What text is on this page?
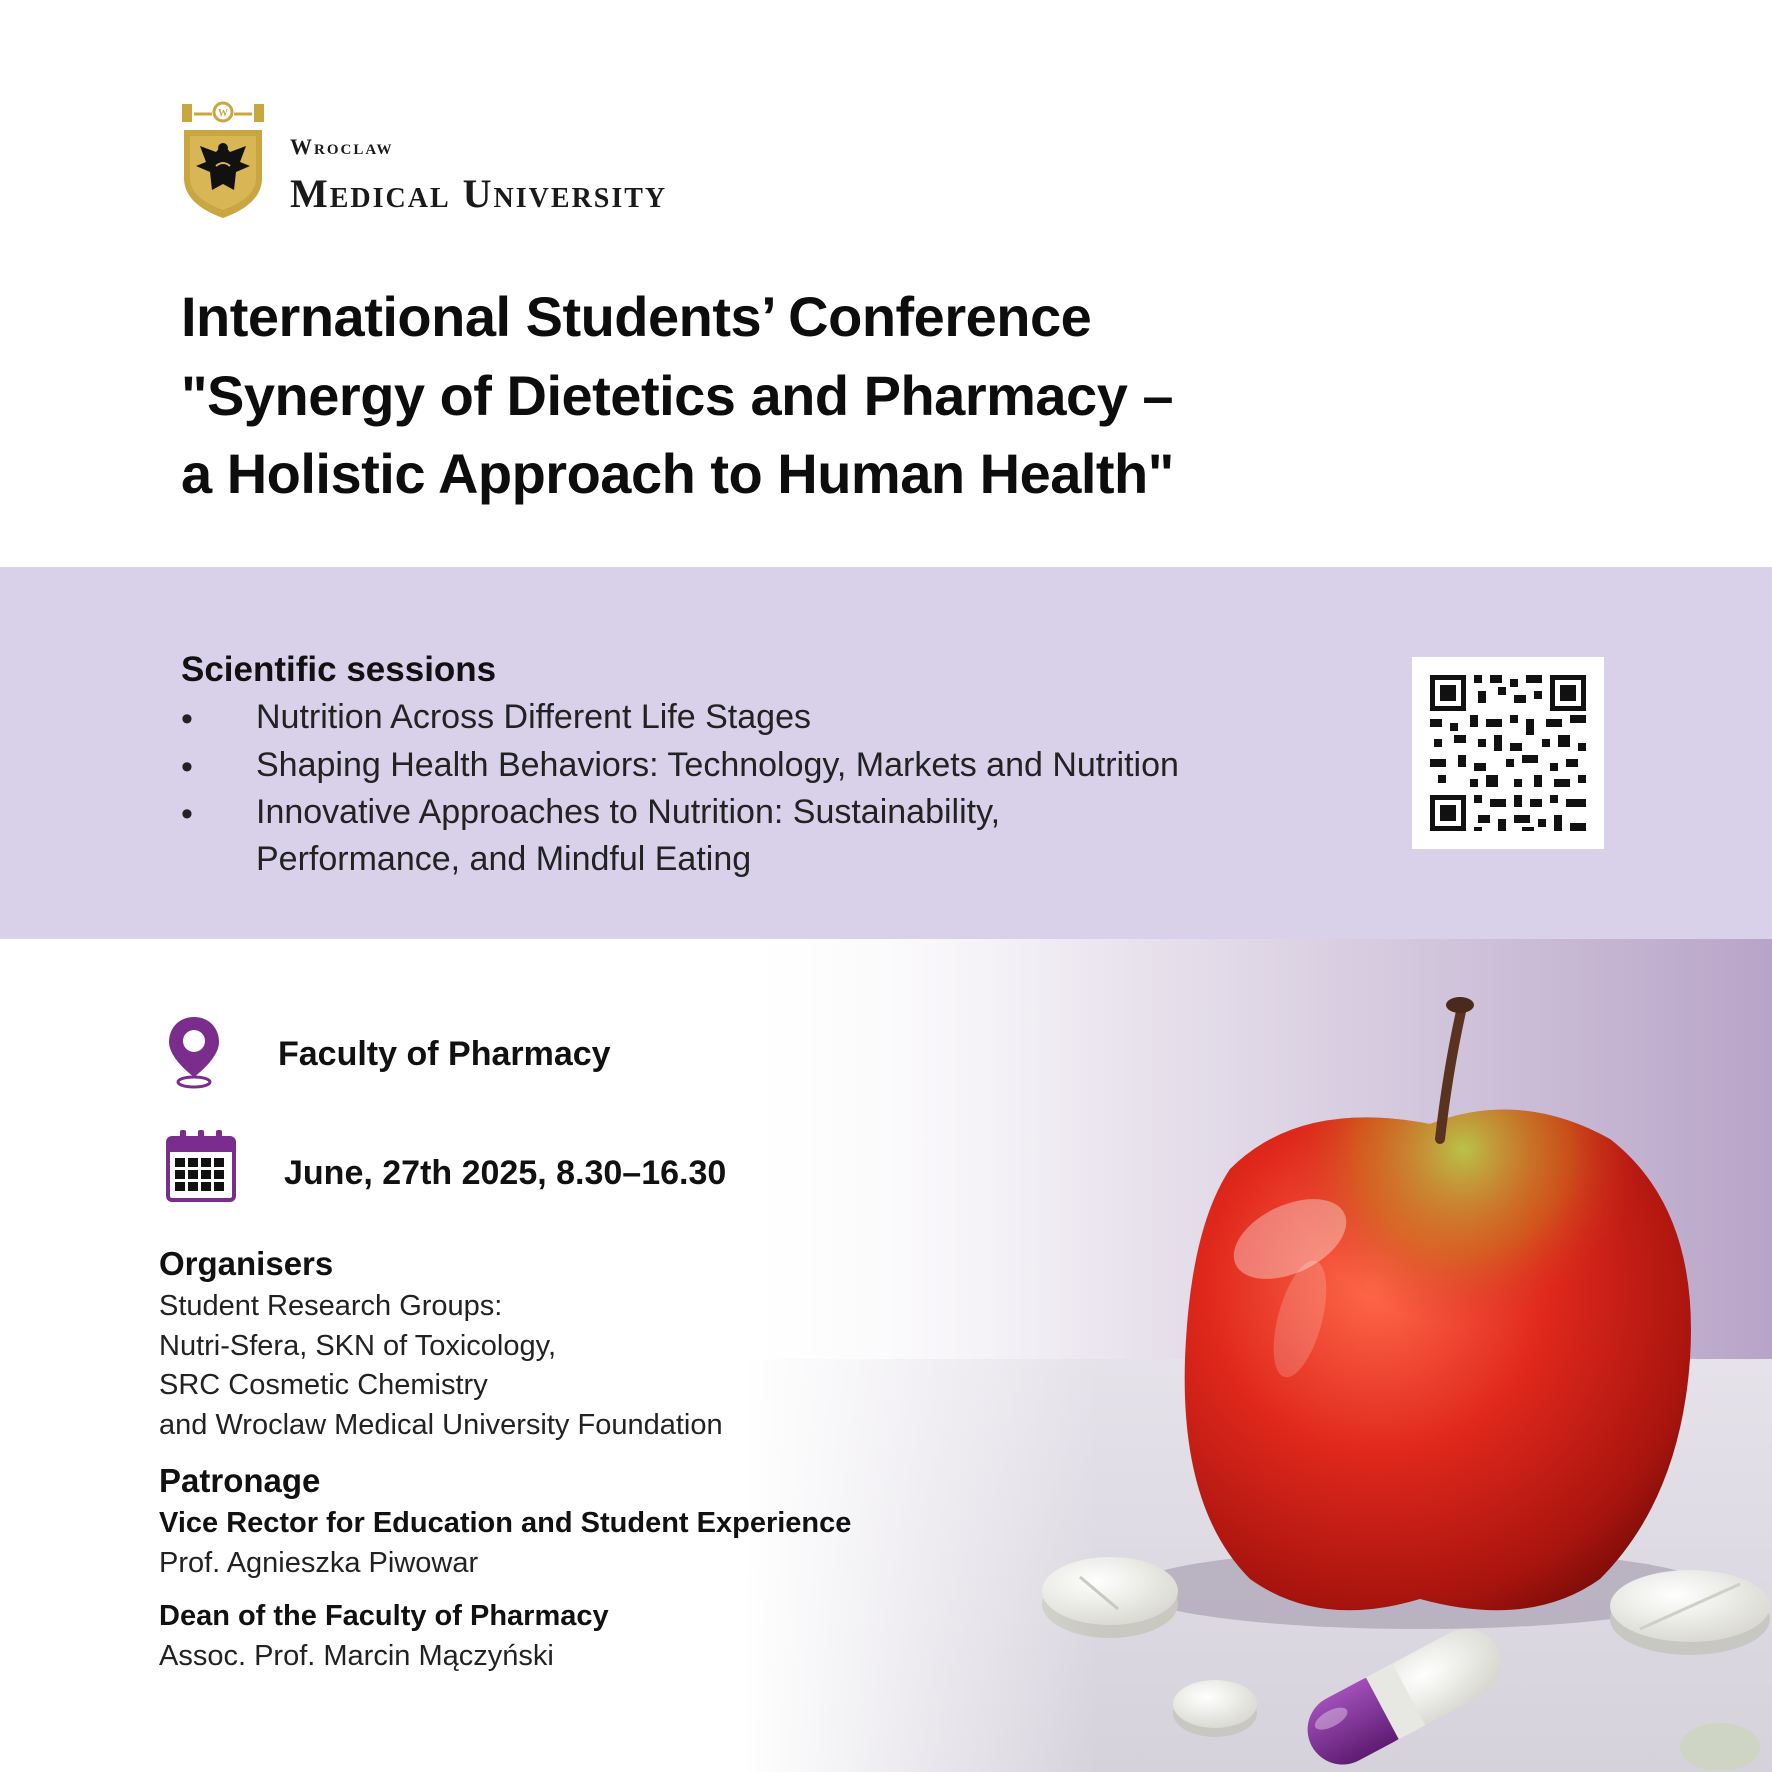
W
Wroclaw
Medical University
International Students’ Conference
"Synergy of Dietetics and Pharmacy –
a Holistic Approach to Human Health"
Scientific sessions
• Nutrition Across Different Life Stages
• Shaping Health Behaviors: Technology, Markets and Nutrition
• Innovative Approaches to Nutrition: Sustainability, Performance, and Mindful Eating
Faculty of Pharmacy
June, 27th 2025, 8.30–16.30
Organisers
Student Research Groups:
Nutri-Sfera, SKN of Toxicology,
SRC Cosmetic Chemistry
and Wroclaw Medical University Foundation
Patronage
Vice Rector for Education and Student Experience
Prof. Agnieszka Piwowar
Dean of the Faculty of Pharmacy
Assoc. Prof. Marcin Mączyński
